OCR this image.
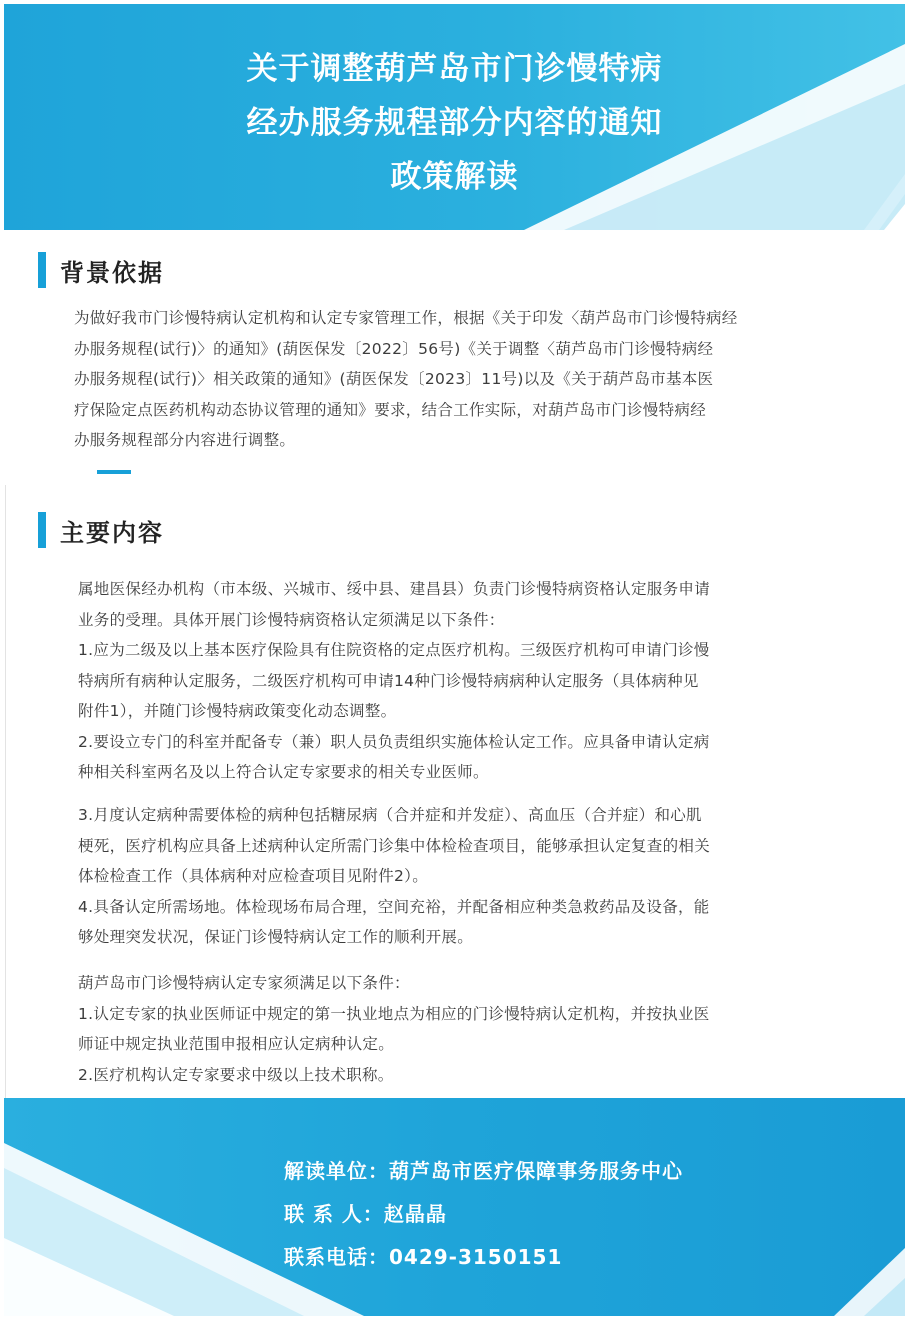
关于调整葫芦岛市门诊慢特病
经办服务规程部分内容的通知
政策解读
背景依据

为做好我市门诊慢特病认定机构和认定专家管理工作，根据《关于印发〈葫芦岛市门诊慢特病经

办服务规程(试行)〉的通知》(葫医保发〔2022〕56号)《关于调整〈葫芦岛市门诊慢特病经

办服务规程(试行)〉相关政策的通知》(葫医保发〔2023〕11号)以及《关于葫芦岛市基本医

疗保险定点医药机构动态协议管理的通知》要求，结合工作实际，对葫芦岛市门诊慢特病经

办服务规程部分内容进行调整。

主要内容

属地医保经办机构（市本级、兴城市、绥中县、建昌县）负责门诊慢特病资格认定服务申请

业务的受理。具体开展门诊慢特病资格认定须满足以下条件：

1.应为二级及以上基本医疗保险具有住院资格的定点医疗机构。三级医疗机构可申请门诊慢

特病所有病种认定服务，二级医疗机构可申请14种门诊慢特病病种认定服务（具体病种见

附件1），并随门诊慢特病政策变化动态调整。

2.要设立专门的科室并配备专（兼）职人员负责组织实施体检认定工作。应具备申请认定病

种相关科室两名及以上符合认定专家要求的相关专业医师。

3.月度认定病种需要体检的病种包括糖尿病（合并症和并发症）、高血压（合并症）和心肌

梗死，医疗机构应具备上述病种认定所需门诊集中体检检查项目，能够承担认定复查的相关

体检检查工作（具体病种对应检查项目见附件2）。

4.具备认定所需场地。体检现场布局合理，空间充裕，并配备相应种类急救药品及设备，能

够处理突发状况，保证门诊慢特病认定工作的顺利开展。

葫芦岛市门诊慢特病认定专家须满足以下条件：

1.认定专家的执业医师证中规定的第一执业地点为相应的门诊慢特病认定机构，并按执业医

师证中规定执业范围申报相应认定病种认定。

2.医疗机构认定专家要求中级以上技术职称。

解读单位：葫芦岛市医疗保障事务服务中心
联 系 人：赵晶晶
联系电话：0429-3150151
